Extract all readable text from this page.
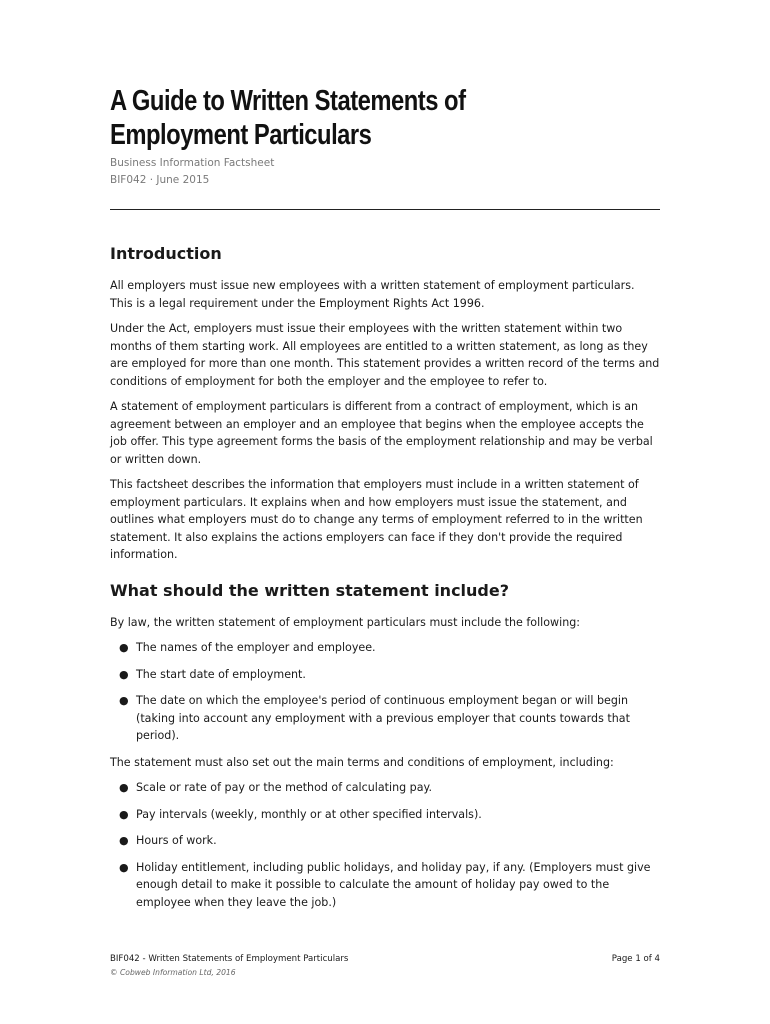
A Guide to Written Statements of
Employment Particulars
Business Information Factsheet
BIF042 · June 2015
Introduction

All employers must issue new employees with a written statement of employment particulars. This is a legal requirement under the Employment Rights Act 1996.

Under the Act, employers must issue their employees with the written statement within two months of them starting work. All employees are entitled to a written statement, as long as they are employed for more than one month. This statement provides a written record of the terms and conditions of employment for both the employer and the employee to refer to.

A statement of employment particulars is different from a contract of employment, which is an agreement between an employer and an employee that begins when the employee accepts the job offer. This type agreement forms the basis of the employment relationship and may be verbal or written down.

This factsheet describes the information that employers must include in a written statement of employment particulars. It explains when and how employers must issue the statement, and outlines what employers must do to change any terms of employment referred to in the written statement. It also explains the actions employers can face if they don't provide the required information.

What should the written statement include?

By law, the written statement of employment particulars must include the following:

● The names of the employer and employee.
● The start date of employment.
● The date on which the employee's period of continuous employment began or will begin (taking into account any employment with a previous employer that counts towards that period).

The statement must also set out the main terms and conditions of employment, including:

● Scale or rate of pay or the method of calculating pay.
● Pay intervals (weekly, monthly or at other specified intervals).
● Hours of work.
● Holiday entitlement, including public holidays, and holiday pay, if any. (Employers must give enough detail to make it possible to calculate the amount of holiday pay owed to the employee when they leave the job.)
BIF042 - Written Statements of Employment Particulars	Page 1 of 4
© Cobweb Information Ltd, 2016
